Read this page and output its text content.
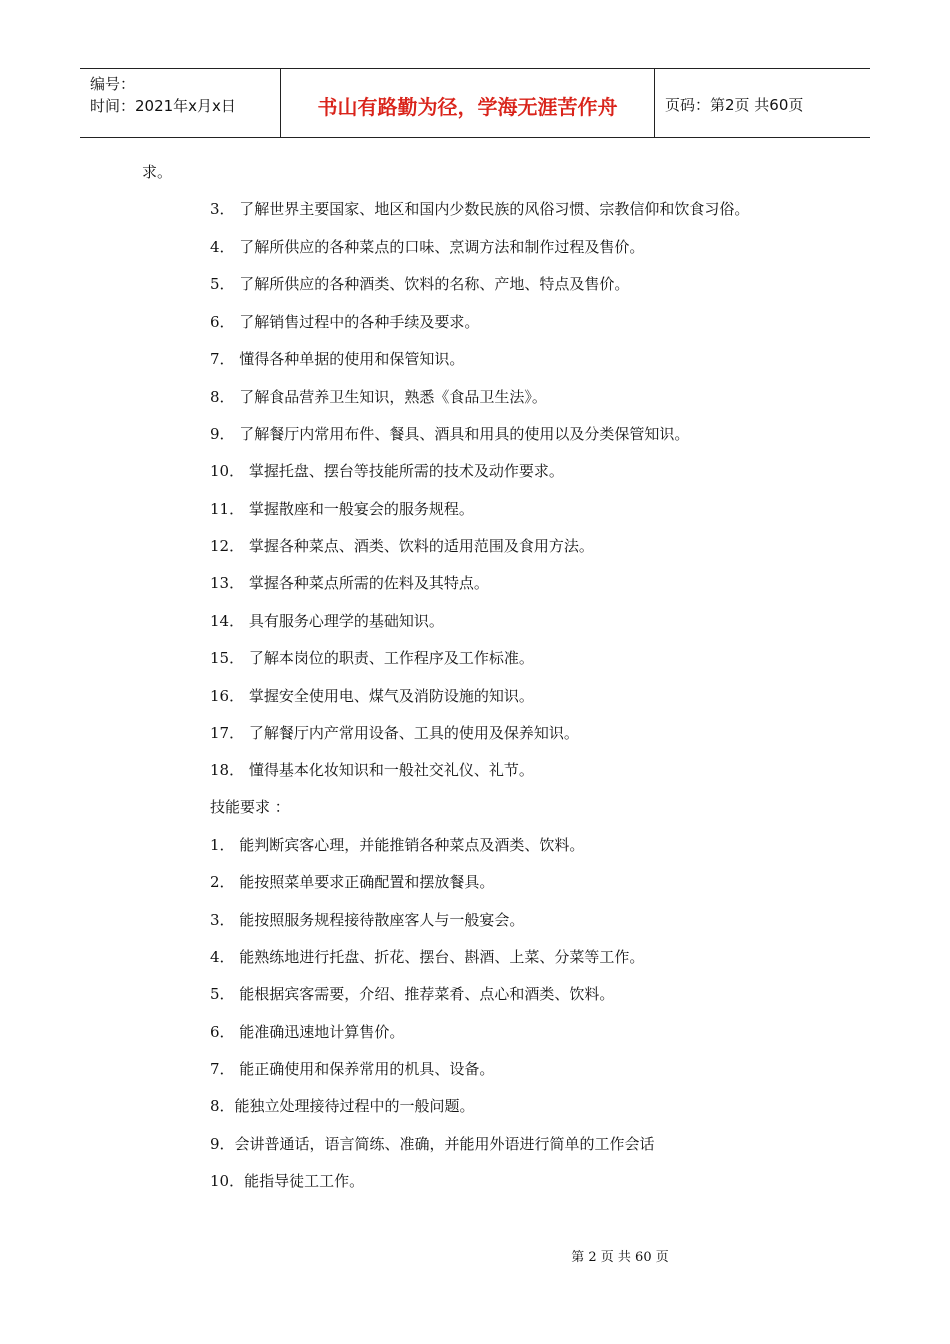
编号：
时间：2021年x月x日	书山有路勤为径，学海无涯苦作舟	页码：第2页 共60页
求。
3． 了解世界主要国家、地区和国内少数民族的风俗习惯、宗教信仰和饮食习俗。
4． 了解所供应的各种菜点的口味、烹调方法和制作过程及售价。
5． 了解所供应的各种酒类、饮料的名称、产地、特点及售价。
6． 了解销售过程中的各种手续及要求。
7． 懂得各种单据的使用和保管知识。
8． 了解食品营养卫生知识，熟悉《食品卫生法》。
9． 了解餐厅内常用布件、餐具、酒具和用具的使用以及分类保管知识。
10． 掌握托盘、摆台等技能所需的技术及动作要求。
11． 掌握散座和一般宴会的服务规程。
12． 掌握各种菜点、酒类、饮料的适用范围及食用方法。
13． 掌握各种菜点所需的佐料及其特点。
14． 具有服务心理学的基础知识。
15． 了解本岗位的职责、工作程序及工作标准。
16． 掌握安全使用电、煤气及消防设施的知识。
17． 了解餐厅内产常用设备、工具的使用及保养知识。
18． 懂得基本化妆知识和一般社交礼仪、礼节。
技能要求 ：
1． 能判断宾客心理，并能推销各种菜点及酒类、饮料。
2． 能按照菜单要求正确配置和摆放餐具。
3． 能按照服务规程接待散座客人与一般宴会。
4． 能熟练地进行托盘、折花、摆台、斟酒、上菜、分菜等工作。
5． 能根据宾客需要，介绍、推荐菜肴、点心和酒类、饮料。
6． 能准确迅速地计算售价。
7． 能正确使用和保养常用的机具、设备。
8．能独立处理接待过程中的一般问题。
9．会讲普通话，语言简练、准确，并能用外语进行简单的工作会话
10．能指导徒工工作。
第 2 页 共 60 页
